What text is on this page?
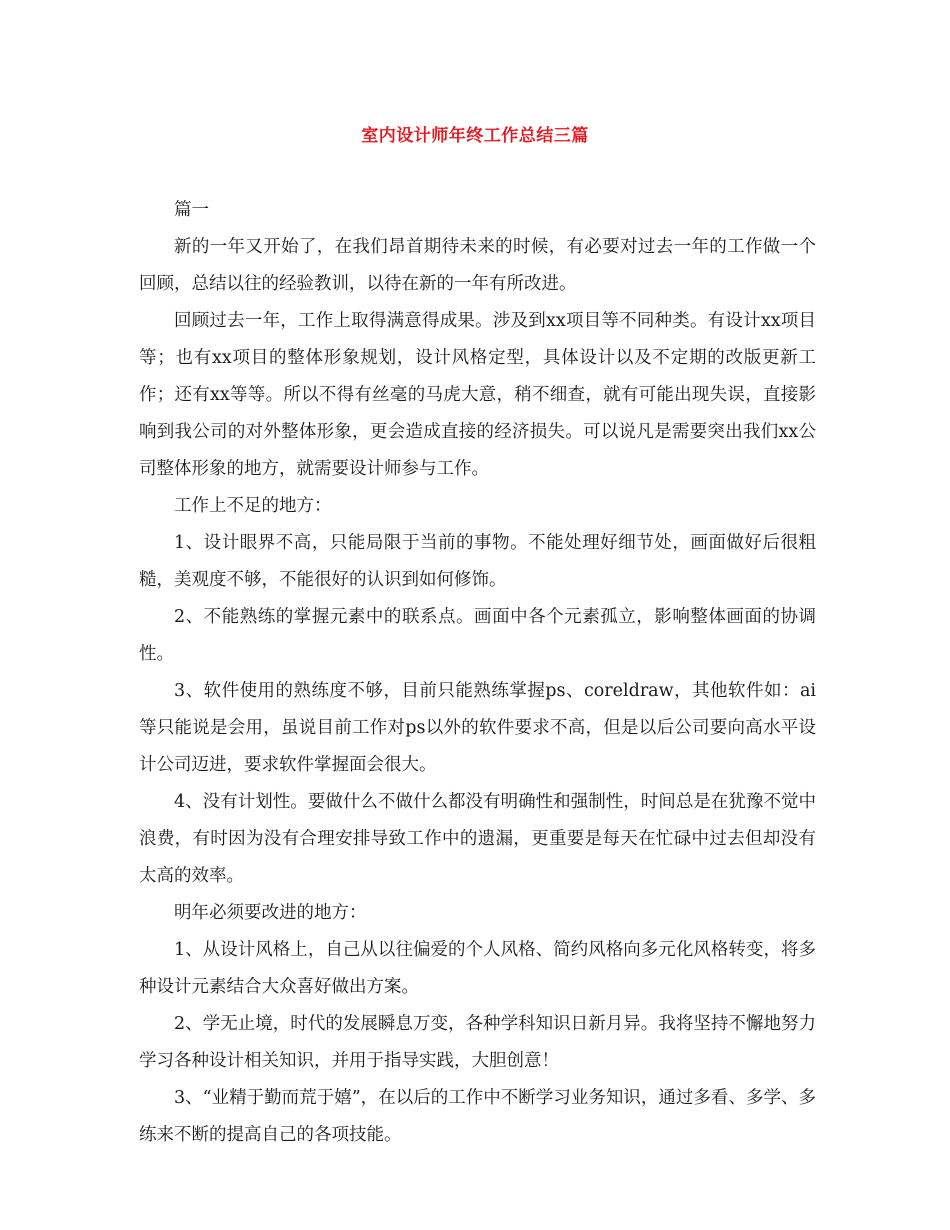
室内设计师年终工作总结三篇

篇一

新的一年又开始了，在我们昂首期待未来的时候，有必要对过去一年的工作做一个回顾，总结以往的经验教训，以待在新的一年有所改进。

回顾过去一年，工作上取得满意得成果。涉及到xx项目等不同种类。有设计xx项目等；也有xx项目的整体形象规划，设计风格定型，具体设计以及不定期的改版更新工作；还有xx等等。所以不得有丝毫的马虎大意，稍不细查，就有可能出现失误，直接影响到我公司的对外整体形象，更会造成直接的经济损失。可以说凡是需要突出我们xx公司整体形象的地方，就需要设计师参与工作。

工作上不足的地方：

1、设计眼界不高，只能局限于当前的事物。不能处理好细节处，画面做好后很粗糙，美观度不够，不能很好的认识到如何修饰。

2、不能熟练的掌握元素中的联系点。画面中各个元素孤立，影响整体画面的协调性。

3、软件使用的熟练度不够，目前只能熟练掌握ps、coreldraw，其他软件如：ai等只能说是会用，虽说目前工作对ps以外的软件要求不高，但是以后公司要向高水平设计公司迈进，要求软件掌握面会很大。

4、没有计划性。要做什么不做什么都没有明确性和强制性，时间总是在犹豫不觉中浪费，有时因为没有合理安排导致工作中的遗漏，更重要是每天在忙碌中过去但却没有太高的效率。

明年必须要改进的地方：

1、从设计风格上，自己从以往偏爱的个人风格、简约风格向多元化风格转变，将多种设计元素结合大众喜好做出方案。

2、学无止境，时代的发展瞬息万变，各种学科知识日新月异。我将坚持不懈地努力学习各种设计相关知识，并用于指导实践，大胆创意！

3、“业精于勤而荒于嬉”，在以后的工作中不断学习业务知识，通过多看、多学、多练来不断的提高自己的各项技能。
